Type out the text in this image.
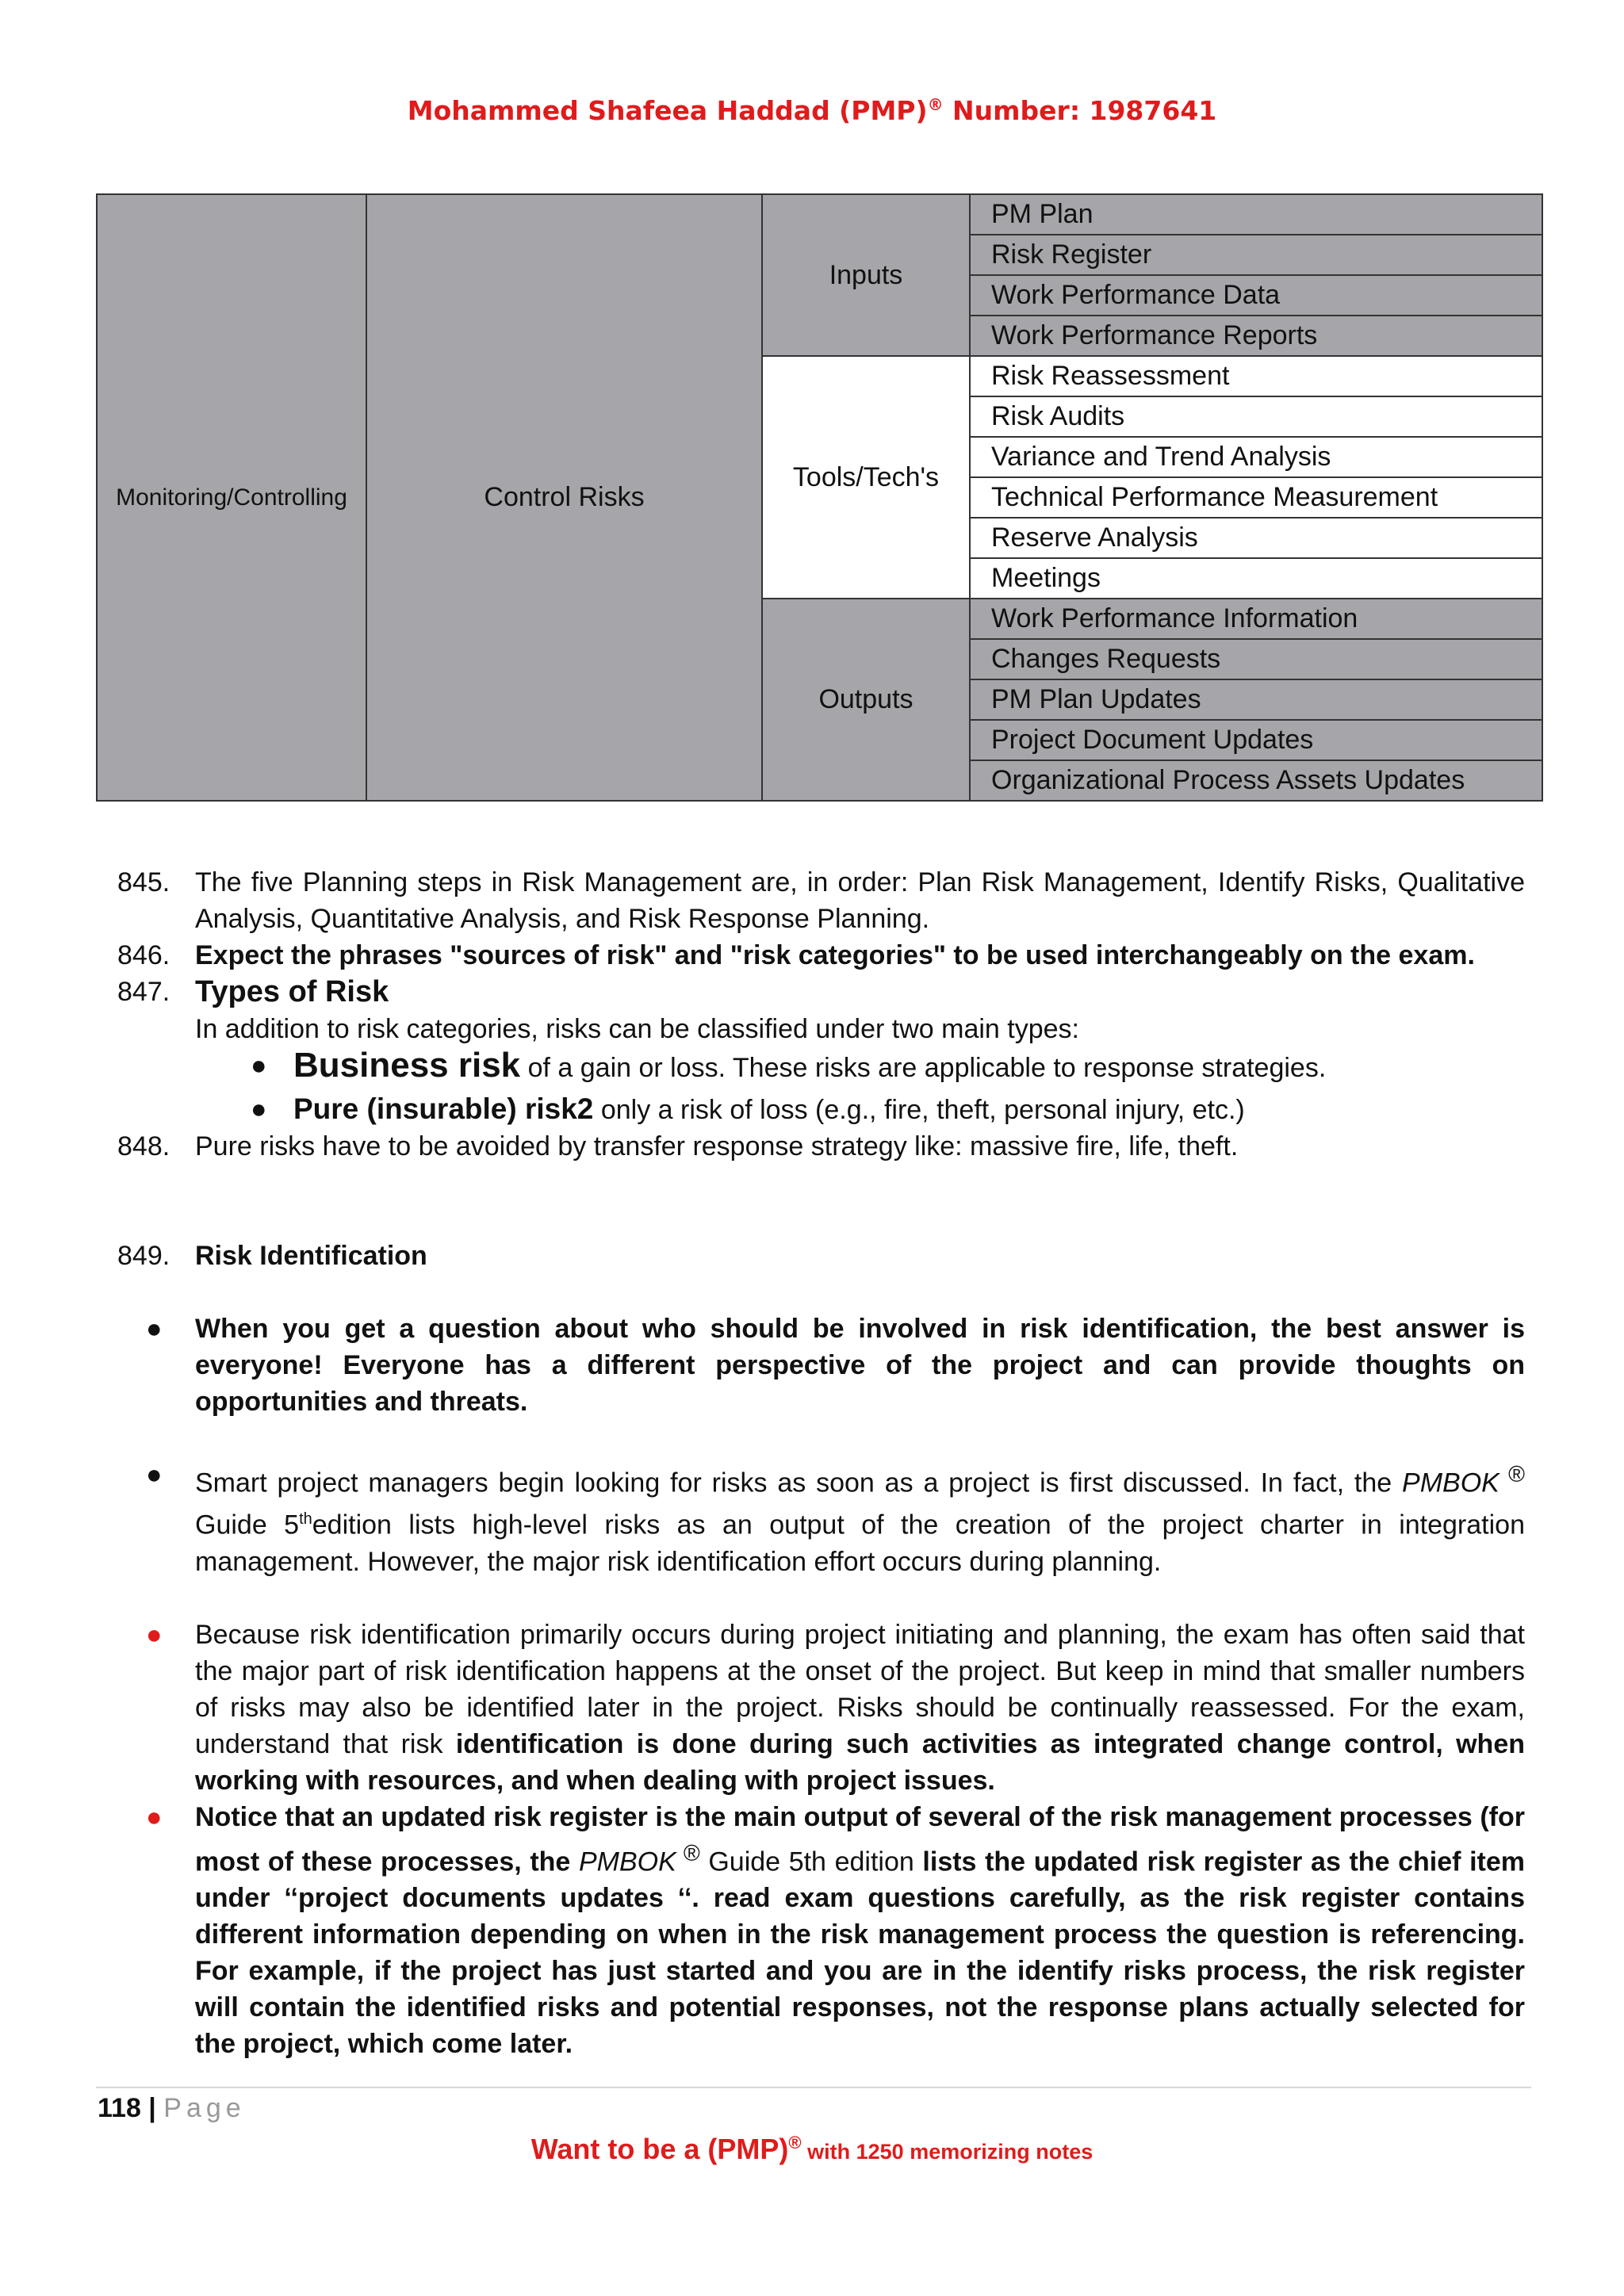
Mohammed Shafeea Haddad (PMP)® Number: 1987641
Monitoring/Controlling	Control Risks	Inputs	PM Plan
			Risk Register
			Work Performance Data
			Work Performance Reports
		Tools/Tech's	Risk Reassessment
			Risk Audits
			Variance and Trend Analysis
			Technical Performance Measurement
			Reserve Analysis
			Meetings
		Outputs	Work Performance Information
			Changes Requests
			PM Plan Updates
			Project Document Updates
			Organizational Process Assets Updates
845. The five Planning steps in Risk Management are, in order: Plan Risk Management, Identify Risks, Qualitative Analysis, Quantitative Analysis, and Risk Response Planning.
846. Expect the phrases "sources of risk" and "risk categories" to be used interchangeably on the exam.
847. Types of Risk
In addition to risk categories, risks can be classified under two main types:
● Business risk of a gain or loss. These risks are applicable to response strategies.
● Pure (insurable) risk2 only a risk of loss (e.g., fire, theft, personal injury, etc.)
848. Pure risks have to be avoided by transfer response strategy like: massive fire, life, theft.
849. Risk Identification
● When you get a question about who should be involved in risk identification, the best answer is everyone! Everyone has a different perspective of the project and can provide thoughts on opportunities and threats.
● Smart project managers begin looking for risks as soon as a project is first discussed. In fact, the PMBOK ® Guide 5thedition lists high-level risks as an output of the creation of the project charter in integration management. However, the major risk identification effort occurs during planning.
● Because risk identification primarily occurs during project initiating and planning, the exam has often said that the major part of risk identification happens at the onset of the project. But keep in mind that smaller numbers of risks may also be identified later in the project. Risks should be continually reassessed. For the exam, understand that risk identification is done during such activities as integrated change control, when working with resources, and when dealing with project issues.
● Notice that an updated risk register is the main output of several of the risk management processes (for most of these processes, the PMBOK ® Guide 5th edition lists the updated risk register as the chief item under ‘‘project documents updates ‘‘. read exam questions carefully, as the risk register contains different information depending on when in the risk management process the question is referencing. For example, if the project has just started and you are in the identify risks process, the risk register will contain the identified risks and potential responses, not the response plans actually selected for the project, which come later.
118 | Page
Want to be a (PMP)® with 1250 memorizing notes
